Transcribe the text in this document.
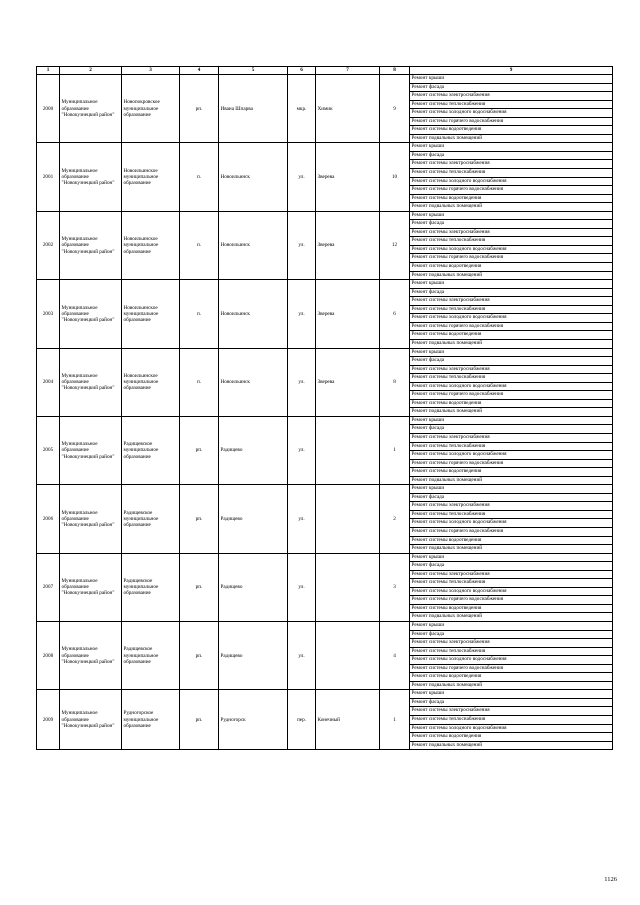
1	2	3	4	5	6	7	8	9
2000	Муниципальное образование "Новокузнецкий район"	Новопокровское муниципальное образование	рп.	Ивана Шпарва	мкр.	Химик	9	Ремонт крыши
								Ремонт фасада
								Ремонт системы электроснабжения
								Ремонт системы теплоснабжения
								Ремонт системы холодного водоснабжения
								Ремонт системы горячего водоснабжения
								Ремонт системы водоотведения
								Ремонт подвальных помещений
2001	Муниципальное образование "Новокузнецкий район"	Новоильинское муниципальное образование	п.	Новоильинск	ул.	Зверева	10	Ремонт крыши
								Ремонт фасада
								Ремонт системы электроснабжения
								Ремонт системы теплоснабжения
								Ремонт системы холодного водоснабжения
								Ремонт системы горячего водоснабжения
								Ремонт системы водоотведения
								Ремонт подвальных помещений
2002	Муниципальное образование "Новокузнецкий район"	Новоильинское муниципальное образование	п.	Новоильинск	ул.	Зверева	12	Ремонт крыши
								Ремонт фасада
								Ремонт системы электроснабжения
								Ремонт системы теплоснабжения
								Ремонт системы холодного водоснабжения
								Ремонт системы горячего водоснабжения
								Ремонт системы водоотведения
								Ремонт подвальных помещений
2003	Муниципальное образование "Новокузнецкий район"	Новоильинское муниципальное образование	п.	Новоильинск	ул.	Зверева	6	Ремонт крыши
								Ремонт фасада
								Ремонт системы электроснабжения
								Ремонт системы теплоснабжения
								Ремонт системы холодного водоснабжения
								Ремонт системы горячего водоснабжения
								Ремонт системы водоотведения
								Ремонт подвальных помещений
2004	Муниципальное образование "Новокузнецкий район"	Новоильинское муниципальное образование	п.	Новоильинск	ул.	Зверева	8	Ремонт крыши
								Ремонт фасада
								Ремонт системы электроснабжения
								Ремонт системы теплоснабжения
								Ремонт системы холодного водоснабжения
								Ремонт системы горячего водоснабжения
								Ремонт системы водоотведения
								Ремонт подвальных помещений
2005	Муниципальное образование "Новокузнецкий район"	Радищевское муниципальное образование	рп.	Радищево	ул.		1	Ремонт крыши
								Ремонт фасада
								Ремонт системы электроснабжения
								Ремонт системы теплоснабжения
								Ремонт системы холодного водоснабжения
								Ремонт системы горячего водоснабжения
								Ремонт системы водоотведения
								Ремонт подвальных помещений
2006	Муниципальное образование "Новокузнецкий район"	Радищевское муниципальное образование	рп.	Радищево	ул.		2	Ремонт крыши
								Ремонт фасада
								Ремонт системы электроснабжения
								Ремонт системы теплоснабжения
								Ремонт системы холодного водоснабжения
								Ремонт системы горячего водоснабжения
								Ремонт системы водоотведения
								Ремонт подвальных помещений
2007	Муниципальное образование "Новокузнецкий район"	Радищевское муниципальное образование	рп.	Радищево	ул.		3	Ремонт крыши
								Ремонт фасада
								Ремонт системы электроснабжения
								Ремонт системы теплоснабжения
								Ремонт системы холодного водоснабжения
								Ремонт системы горячего водоснабжения
								Ремонт системы водоотведения
								Ремонт подвальных помещений
2008	Муниципальное образование "Новокузнецкий район"	Радищевское муниципальное образование	рп.	Радищево	ул.		4	Ремонт крыши
								Ремонт фасада
								Ремонт системы электроснабжения
								Ремонт системы теплоснабжения
								Ремонт системы холодного водоснабжения
								Ремонт системы горячего водоснабжения
								Ремонт системы водоотведения
								Ремонт подвальных помещений
2009	Муниципальное образование "Новокузнецкий район"	Рудногорское муниципальное образование	рп.	Рудногорск	пер.	Конечный	1	Ремонт крыши
								Ремонт фасада
								Ремонт системы электроснабжения
								Ремонт системы теплоснабжения
								Ремонт системы холодного водоснабжения
								Ремонт системы водоотведения
								Ремонт подвальных помещений
1126
